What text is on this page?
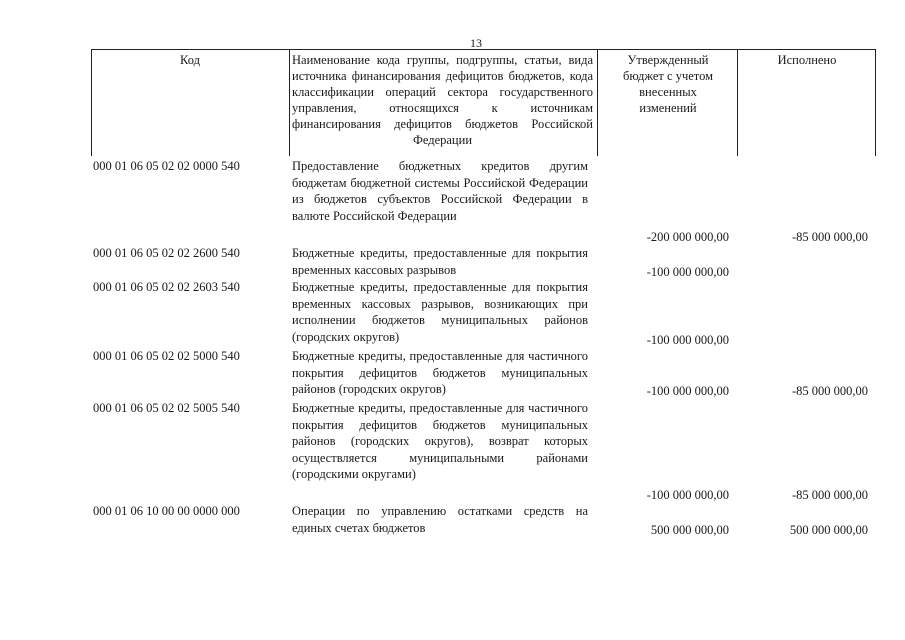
13
Код	Наименование кода группы, подгруппы, статьи, вида источника финансирования дефицитов бюджетов, кода классификации операций сектора государственного управления, относящихся к источникам финансирования дефицитов бюджетов Российской Федерации
Утвержденный бюджет с учетом внесенных изменений
Исполнено
000 01 06 05 02 02 0000 540	Предоставление бюджетных кредитов другим бюджетам бюджетной системы Российской Федерации из бюджетов субъектов Российской Федерации в валюте Российской Федерации
-200 000 000,00	-85 000 000,00
000 01 06 05 02 02 2600 540	Бюджетные кредиты, предоставленные для покрытия временных кассовых разрывов	-100 000 000,00
000 01 06 05 02 02 2603 540	Бюджетные кредиты, предоставленные для покрытия временных кассовых разрывов, возникающих при исполнении бюджетов муниципальных районов (городских округов)	-100 000 000,00
000 01 06 05 02 02 5000 540	Бюджетные кредиты, предоставленные для частичного покрытия дефицитов бюджетов муниципальных районов (городских округов)	-100 000 000,00	-85 000 000,00
000 01 06 05 02 02 5005 540	Бюджетные кредиты, предоставленные для частичного покрытия дефицитов бюджетов муниципальных районов (городских округов), возврат которых осуществляется муниципальными районами (городскими округами)
-100 000 000,00	-85 000 000,00
000 01 06 10 00 00 0000 000	Операции по управлению остатками средств на единых счетах бюджетов	500 000 000,00	500 000 000,00
